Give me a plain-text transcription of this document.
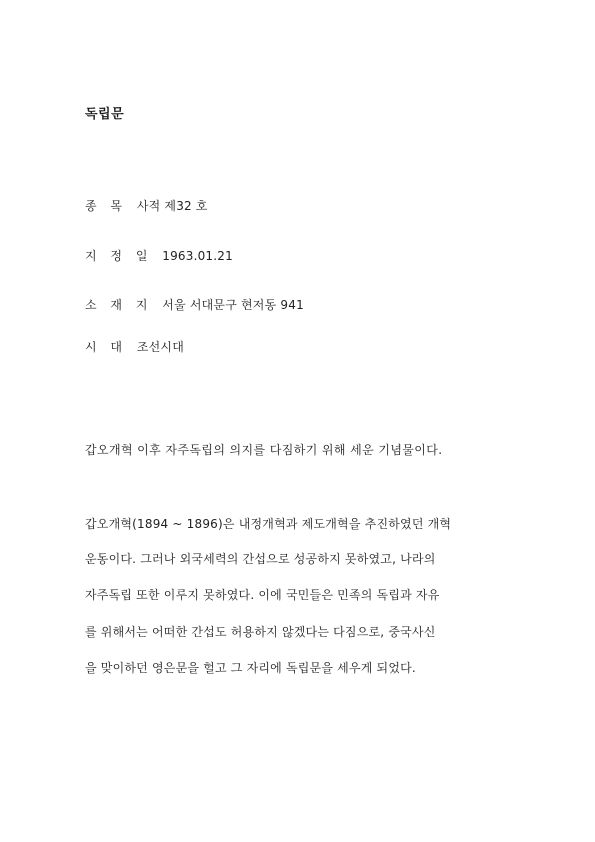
독립문
종 목 사적 제32 호
지 정 일 1963.01.21
소 재 지 서울 서대문구 현저동 941
시 대 조선시대
갑오개혁 이후 자주독립의 의지를 다짐하기 위해 세운 기념물이다.
갑오개혁(1894 ~ 1896)은 내정개혁과 제도개혁을 추진하였던 개혁
운동이다. 그러나 외국세력의 간섭으로 성공하지 못하였고, 나라의
자주독립 또한 이루지 못하였다. 이에 국민들은 민족의 독립과 자유
를 위해서는 어떠한 간섭도 허용하지 않겠다는 다짐으로, 중국사신
을 맞이하던 영은문을 헐고 그 자리에 독립문을 세우게 되었다.
